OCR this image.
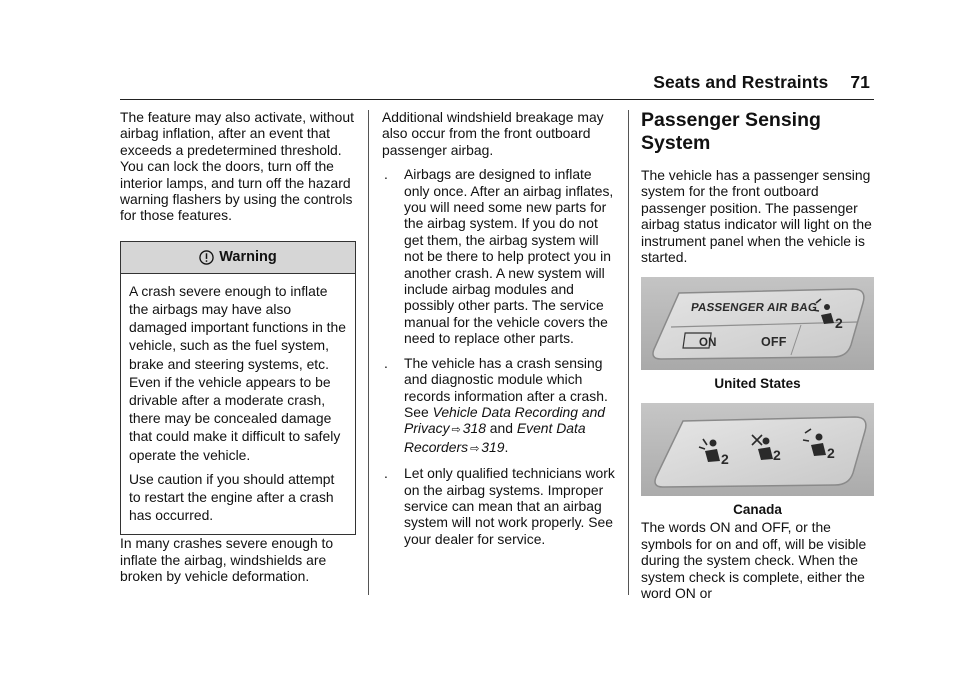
Seats and Restraints 71

The feature may also activate, without airbag inflation, after an event that exceeds a predetermined threshold. You can lock the doors, turn off the interior lamps, and turn off the hazard warning flashers by using the controls for those features.

Warning

A crash severe enough to inflate the airbags may have also damaged important functions in the vehicle, such as the fuel system, brake and steering systems, etc. Even if the vehicle appears to be drivable after a moderate crash, there may be concealed damage that could make it difficult to safely operate the vehicle.

Use caution if you should attempt to restart the engine after a crash has occurred.

In many crashes severe enough to inflate the airbag, windshields are broken by vehicle deformation.

Additional windshield breakage may also occur from the front outboard passenger airbag.

.	Airbags are designed to inflate only once. After an airbag inflates, you will need some new parts for the airbag system. If you do not get them, the airbag system will not be there to help protect you in another crash. A new system will include airbag modules and possibly other parts. The service manual for the vehicle covers the need to replace other parts.
.	The vehicle has a crash sensing and diagnostic module which records information after a crash. See Vehicle Data Recording and Privacy ⇨ 318 and Event Data Recorders ⇨ 319.
.	Let only qualified technicians work on the airbag systems. Improper service can mean that an airbag system will not work properly. See your dealer for service.
Passenger Sensing System

The vehicle has a passenger sensing system for the front outboard passenger position. The passenger airbag status indicator will light on the instrument panel when the vehicle is started.

PASSENGER AIR BAG
ON	OFF
2
United States
2	2	2
Canada

The words ON and OFF, or the symbols for on and off, will be visible during the system check. When the system check is complete, either the word ON or
